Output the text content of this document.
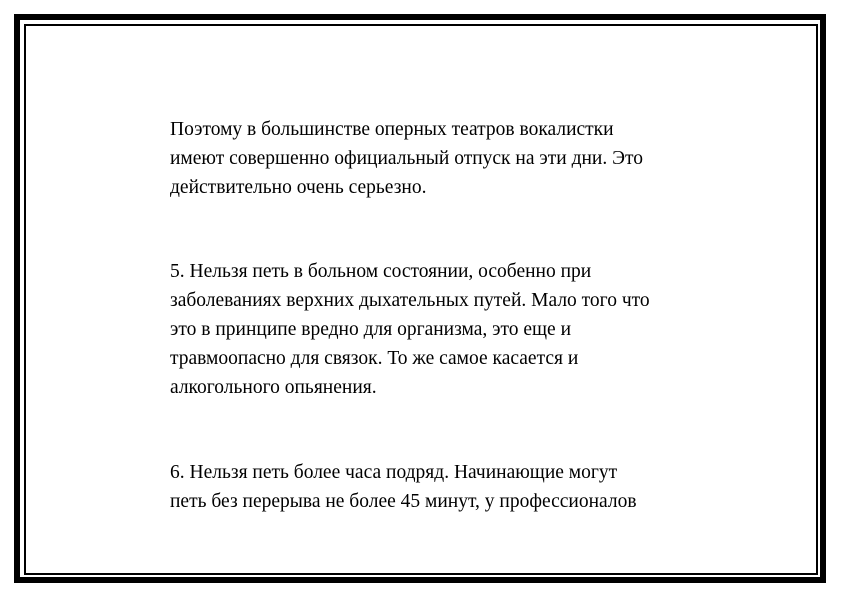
Поэтому в большинстве оперных театров вокалистки
имеют совершенно официальный отпуск на эти дни. Это
действительно очень серьезно.

5. Нельзя петь в больном состоянии, особенно при
заболеваниях верхних дыхательных путей. Мало того что
это в принципе вредно для организма, это еще и
травмоопасно для связок. То же самое касается и
алкогольного опьянения.

6. Нельзя петь более часа подряд. Начинающие могут
петь без перерыва не более 45 минут, у профессионалов
